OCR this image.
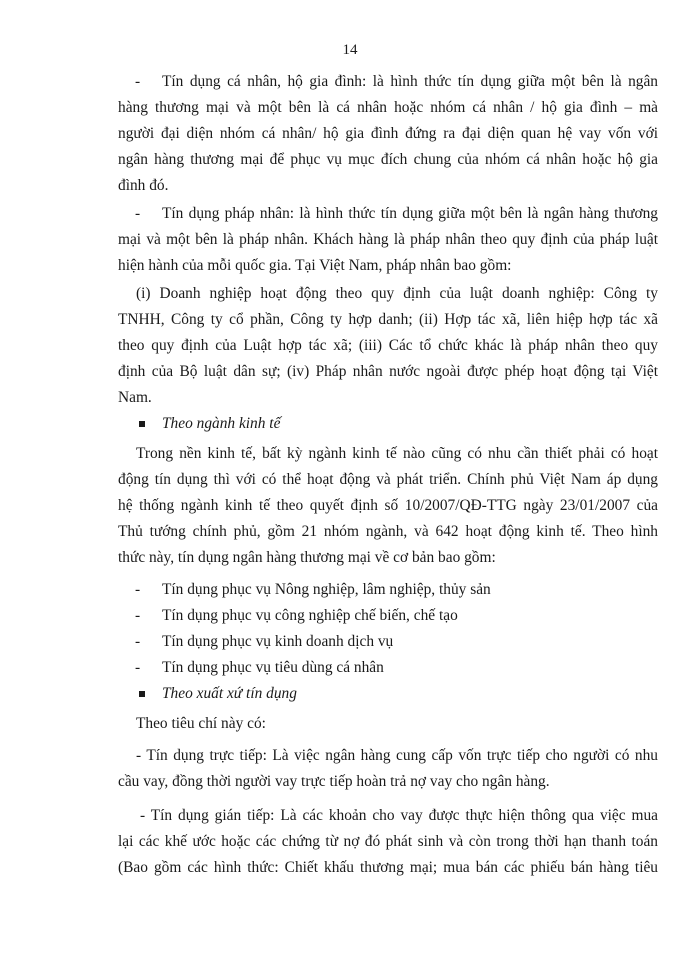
14
- Tín dụng cá nhân, hộ gia đình: là hình thức tín dụng giữa một bên là ngân
hàng thương mại và một bên là cá nhân hoặc nhóm cá nhân / hộ gia đình – mà
người đại diện nhóm cá nhân/ hộ gia đình đứng ra đại diện quan hệ vay vốn với
ngân hàng thương mại để phục vụ mục đích chung của nhóm cá nhân hoặc hộ gia
đình đó.
- Tín dụng pháp nhân: là hình thức tín dụng giữa một bên là ngân hàng thương
mại và một bên là pháp nhân. Khách hàng là pháp nhân theo quy định của pháp luật
hiện hành của mỗi quốc gia. Tại Việt Nam, pháp nhân bao gồm:
(i) Doanh nghiệp hoạt động theo quy định của luật doanh nghiệp: Công ty
TNHH, Công ty cổ phần, Công ty hợp danh; (ii) Hợp tác xã, liên hiệp hợp tác xã
theo quy định của Luật hợp tác xã; (iii) Các tổ chức khác là pháp nhân theo quy
định của Bộ luật dân sự; (iv) Pháp nhân nước ngoài được phép hoạt động tại Việt
Nam.
Theo ngành kinh tế
Trong nền kinh tế, bất kỳ ngành kinh tế nào cũng có nhu cần thiết phải có hoạt
động tín dụng thì với có thể hoạt động và phát triển. Chính phủ Việt Nam áp dụng
hệ thống ngành kinh tế theo quyết định số 10/2007/QĐ-TTG ngày 23/01/2007 của
Thủ tướng chính phủ, gồm 21 nhóm ngành, và 642 hoạt động kinh tế. Theo hình
thức này, tín dụng ngân hàng thương mại về cơ bản bao gồm:
- Tín dụng phục vụ Nông nghiệp, lâm nghiệp, thủy sản
- Tín dụng phục vụ công nghiệp chế biến, chế tạo
- Tín dụng phục vụ kinh doanh dịch vụ
- Tín dụng phục vụ tiêu dùng cá nhân
Theo xuất xứ tín dụng
Theo tiêu chí này có:
- Tín dụng trực tiếp: Là việc ngân hàng cung cấp vốn trực tiếp cho người có nhu
cầu vay, đồng thời người vay trực tiếp hoàn trả nợ vay cho ngân hàng.
- Tín dụng gián tiếp: Là các khoản cho vay được thực hiện thông qua việc mua
lại các khế ước hoặc các chứng từ nợ đó phát sinh và còn trong thời hạn thanh toán
(Bao gồm các hình thức: Chiết khấu thương mại; mua bán các phiếu bán hàng tiêu
